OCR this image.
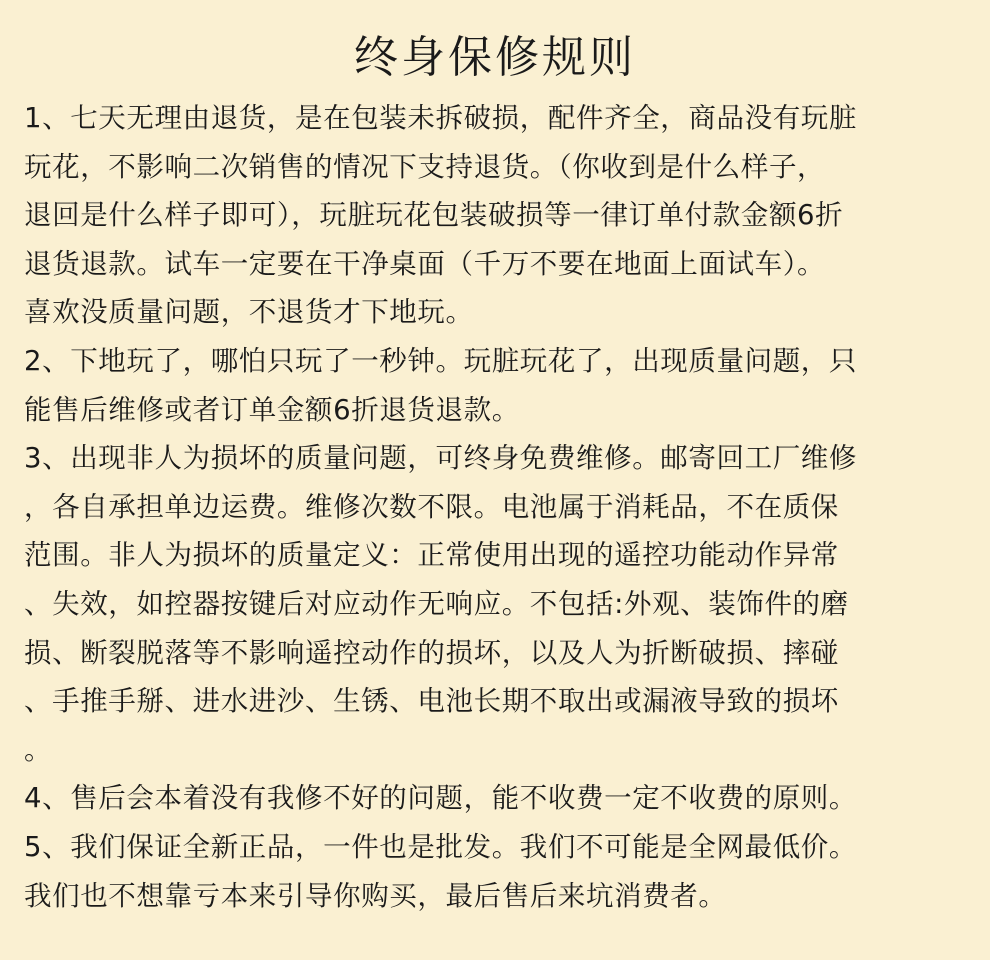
终身保修规则
1、七天无理由退货，是在包装未拆破损，配件齐全，商品没有玩脏
玩花，不影响二次销售的情况下支持退货。（你收到是什么样子，
退回是什么样子即可），玩脏玩花包装破损等一律订单付款金额6折
退货退款。试车一定要在干净桌面（千万不要在地面上面试车）。
喜欢没质量问题，不退货才下地玩。
2、下地玩了，哪怕只玩了一秒钟。玩脏玩花了，出现质量问题，只
能售后维修或者订单金额6折退货退款。
3、出现非人为损坏的质量问题，可终身免费维修。邮寄回工厂维修
，各自承担单边运费。维修次数不限。电池属于消耗品，不在质保
范围。非人为损坏的质量定义：正常使用出现的遥控功能动作异常
、失效，如控器按键后对应动作无响应。不包括:外观、装饰件的磨
损、断裂脱落等不影响遥控动作的损坏，以及人为折断破损、摔碰
、手推手掰、进水进沙、生锈、电池长期不取出或漏液导致的损坏
。
4、售后会本着没有我修不好的问题，能不收费一定不收费的原则。
5、我们保证全新正品，一件也是批发。我们不可能是全网最低价。
我们也不想靠亏本来引导你购买，最后售后来坑消费者。
